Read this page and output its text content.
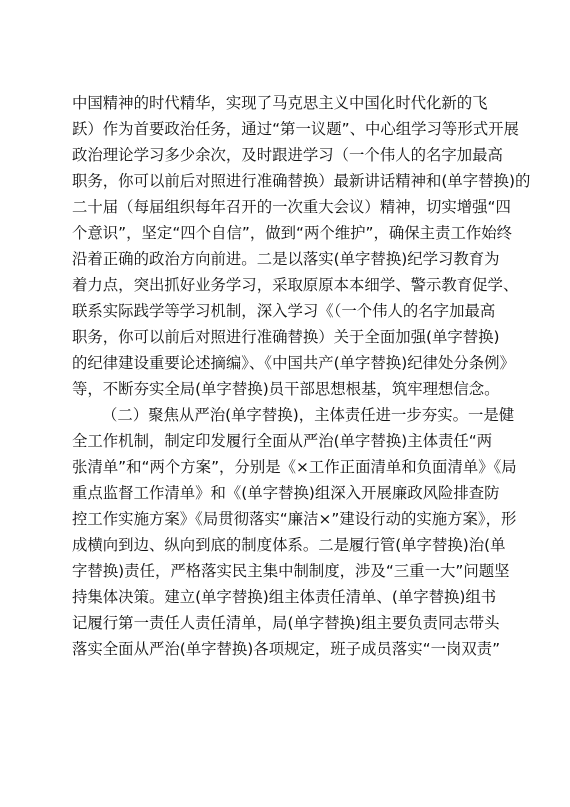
中国精神的时代精华，实现了马克思主义中国化时代化新的飞
跃）作为首要政治任务，通过“第一议题”、中心组学习等形式开展
政治理论学习多少余次，及时跟进学习（一个伟人的名字加最高
职务，你可以前后对照进行准确替换）最新讲话精神和(单字替换)的
二十届（每届组织每年召开的一次重大会议）精神，切实增强“四
个意识”，坚定“四个自信”，做到“两个维护”，确保主责工作始终
沿着正确的政治方向前进。二是以落实(单字替换)纪学习教育为
着力点，突出抓好业务学习，采取原原本本细学、警示教育促学、
联系实际践学等学习机制，深入学习《（一个伟人的名字加最高
职务，你可以前后对照进行准确替换）关于全面加强(单字替换)
的纪律建设重要论述摘编》、《中国共产(单字替换)纪律处分条例》
等，不断夯实全局(单字替换)员干部思想根基，筑牢理想信念。
（二）聚焦从严治(单字替换)，主体责任进一步夯实。一是健
全工作机制，制定印发履行全面从严治(单字替换)主体责任“两
张清单”和“两个方案”，分别是《×工作正面清单和负面清单》《局
重点监督工作清单》和《(单字替换)组深入开展廉政风险排查防
控工作实施方案》《局贯彻落实“廉洁×”建设行动的实施方案》，形
成横向到边、纵向到底的制度体系。二是履行管(单字替换)治(单
字替换)责任，严格落实民主集中制制度，涉及“三重一大”问题坚
持集体决策。建立(单字替换)组主体责任清单、(单字替换)组书
记履行第一责任人责任清单，局(单字替换)组主要负责同志带头
落实全面从严治(单字替换)各项规定，班子成员落实“一岗双责”
